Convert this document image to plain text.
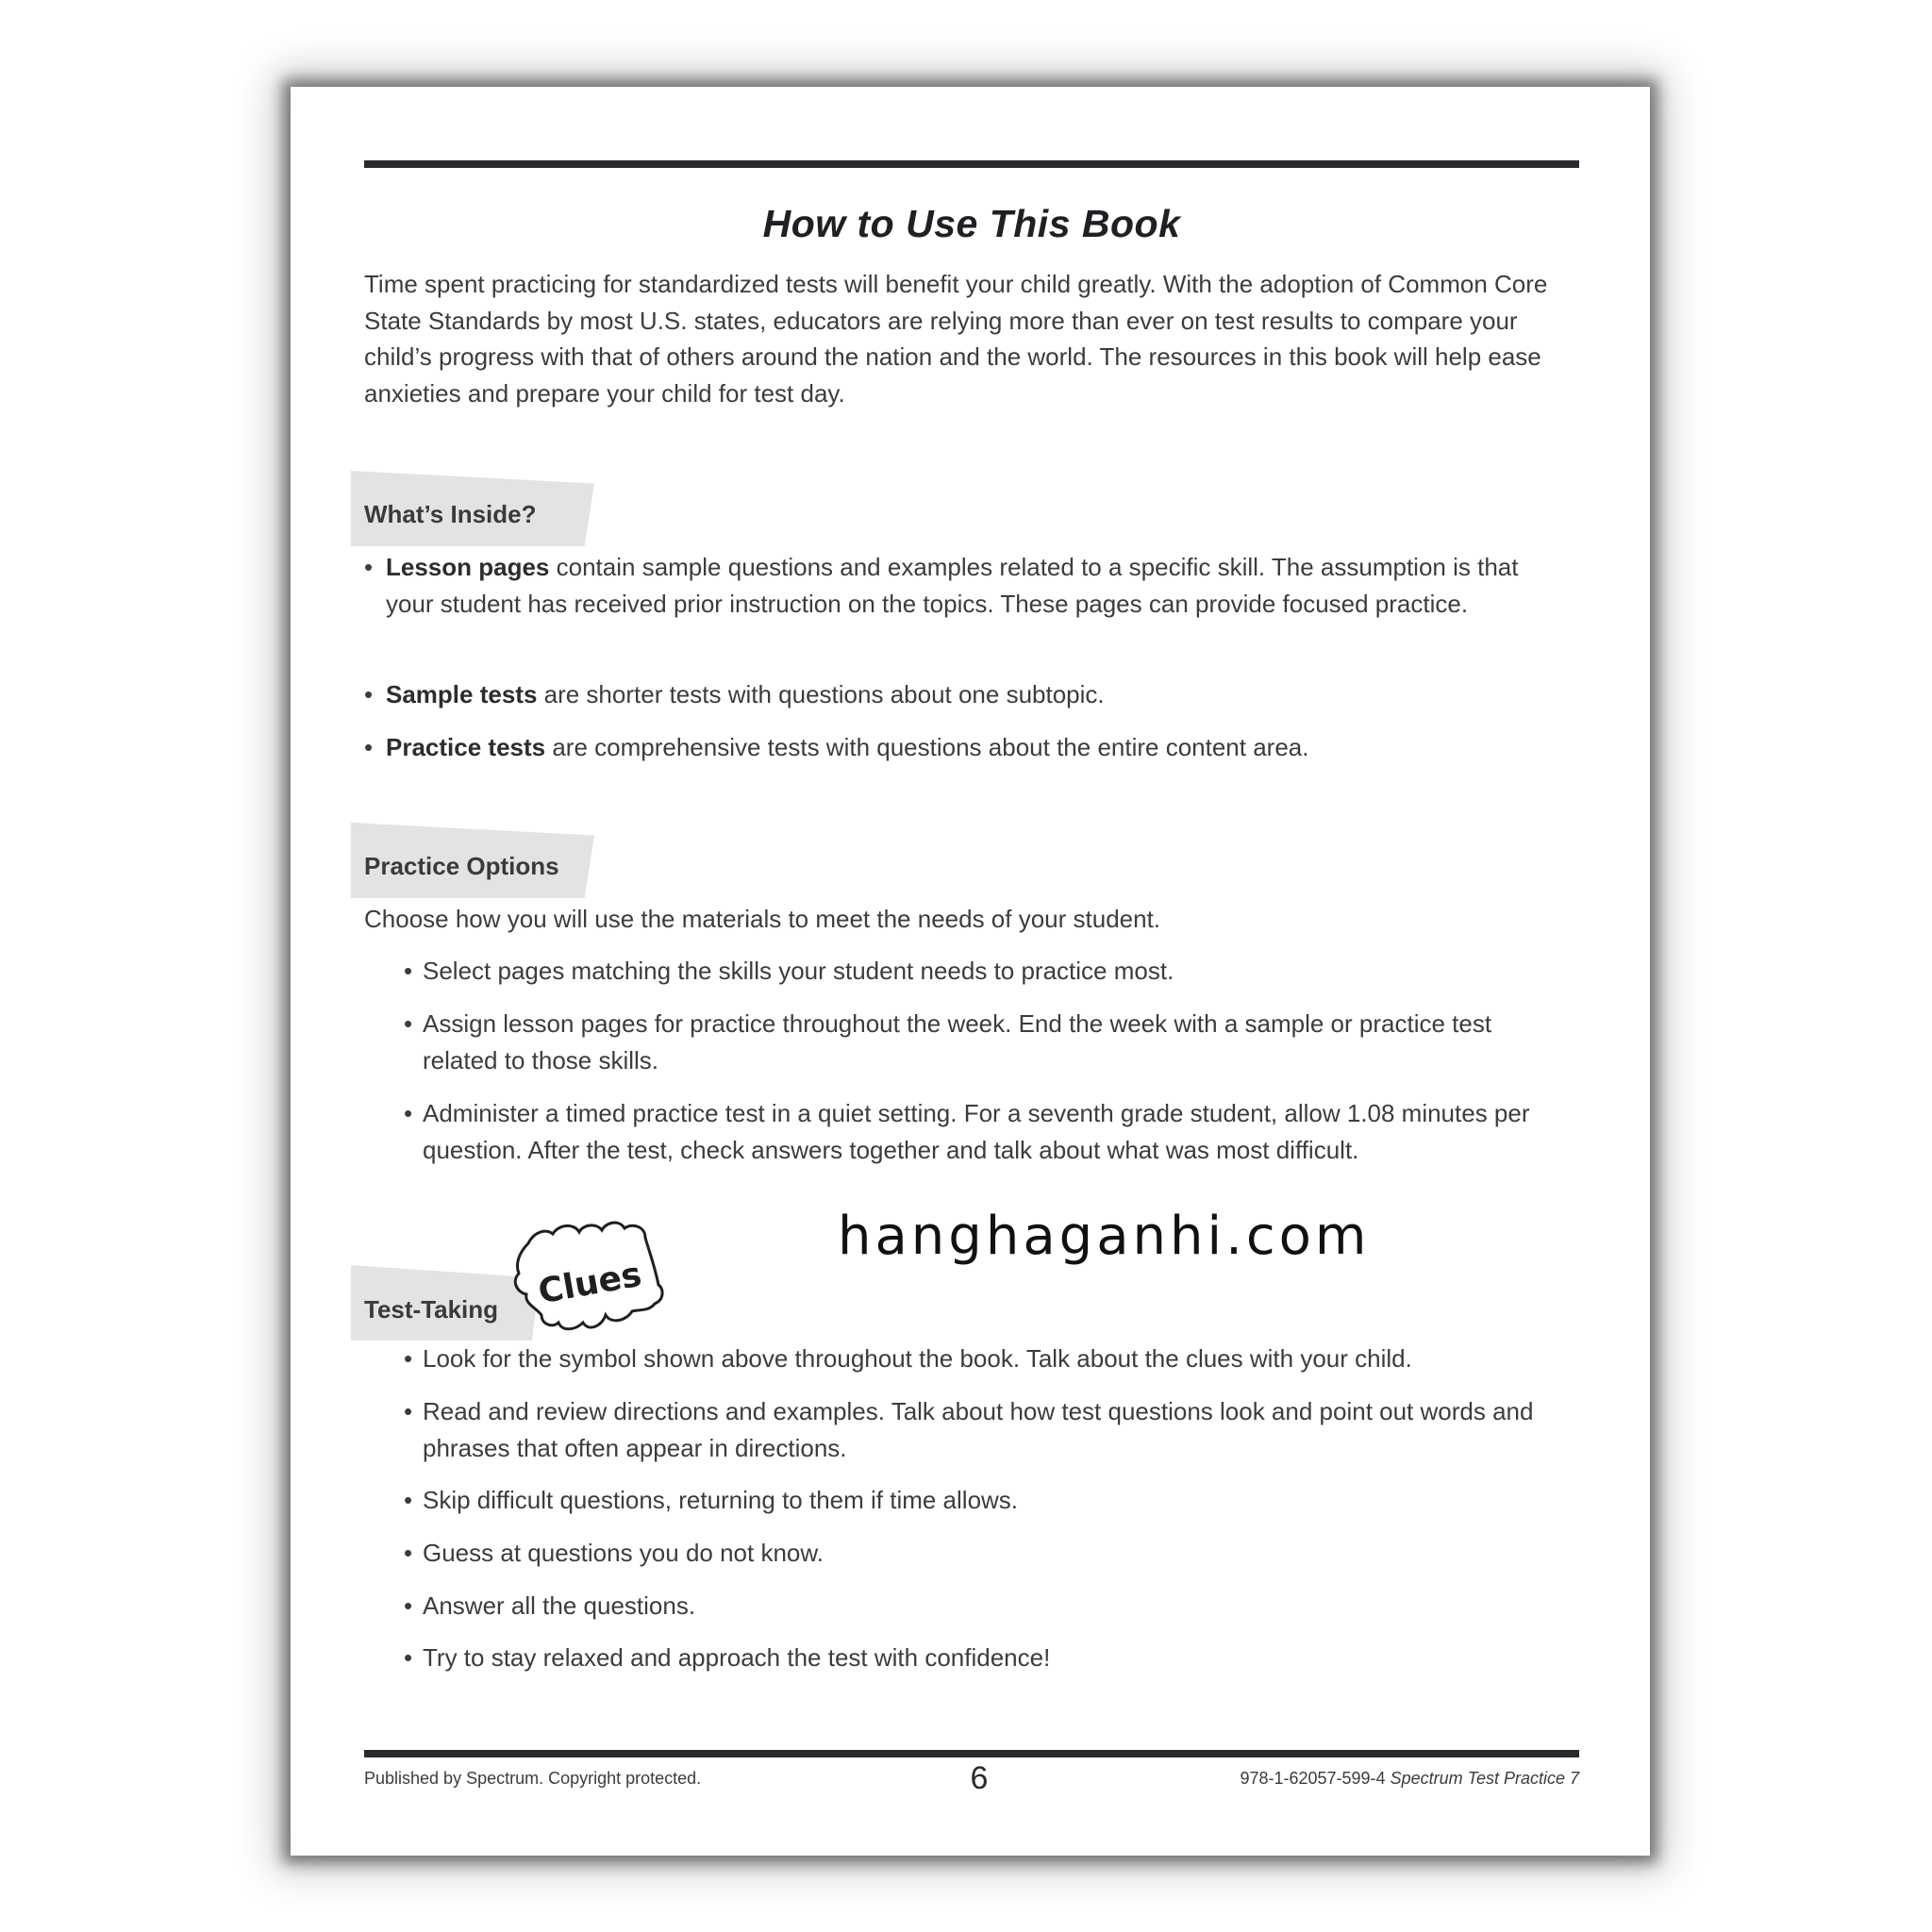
How to Use This Book
Time spent practicing for standardized tests will benefit your child greatly. With the adoption of Common Core State Standards by most U.S. states, educators are relying more than ever on test results to compare your child’s progress with that of others around the nation and the world. The resources in this book will help ease anxieties and prepare your child for test day.
What’s Inside?
• Lesson pages contain sample questions and examples related to a specific skill. The assumption is that your student has received prior instruction on the topics. These pages can provide focused practice.
• Sample tests are shorter tests with questions about one subtopic.
• Practice tests are comprehensive tests with questions about the entire content area.
Practice Options
Choose how you will use the materials to meet the needs of your student.
• Select pages matching the skills your student needs to practice most.
• Assign lesson pages for practice throughout the week. End the week with a sample or practice test related to those skills.
• Administer a timed practice test in a quiet setting. For a seventh grade student, allow 1.08 minutes per question. After the test, check answers together and talk about what was most difficult.
Test-Taking
• Look for the symbol shown above throughout the book. Talk about the clues with your child.
• Read and review directions and examples. Talk about how test questions look and point out words and phrases that often appear in directions.
• Skip difficult questions, returning to them if time allows.
• Guess at questions you do not know.
• Answer all the questions.
• Try to stay relaxed and approach the test with confidence!
Published by Spectrum. Copyright protected.	6	978-1-62057-599-4 Spectrum Test Practice 7
Clues
hanghaganhi.com
